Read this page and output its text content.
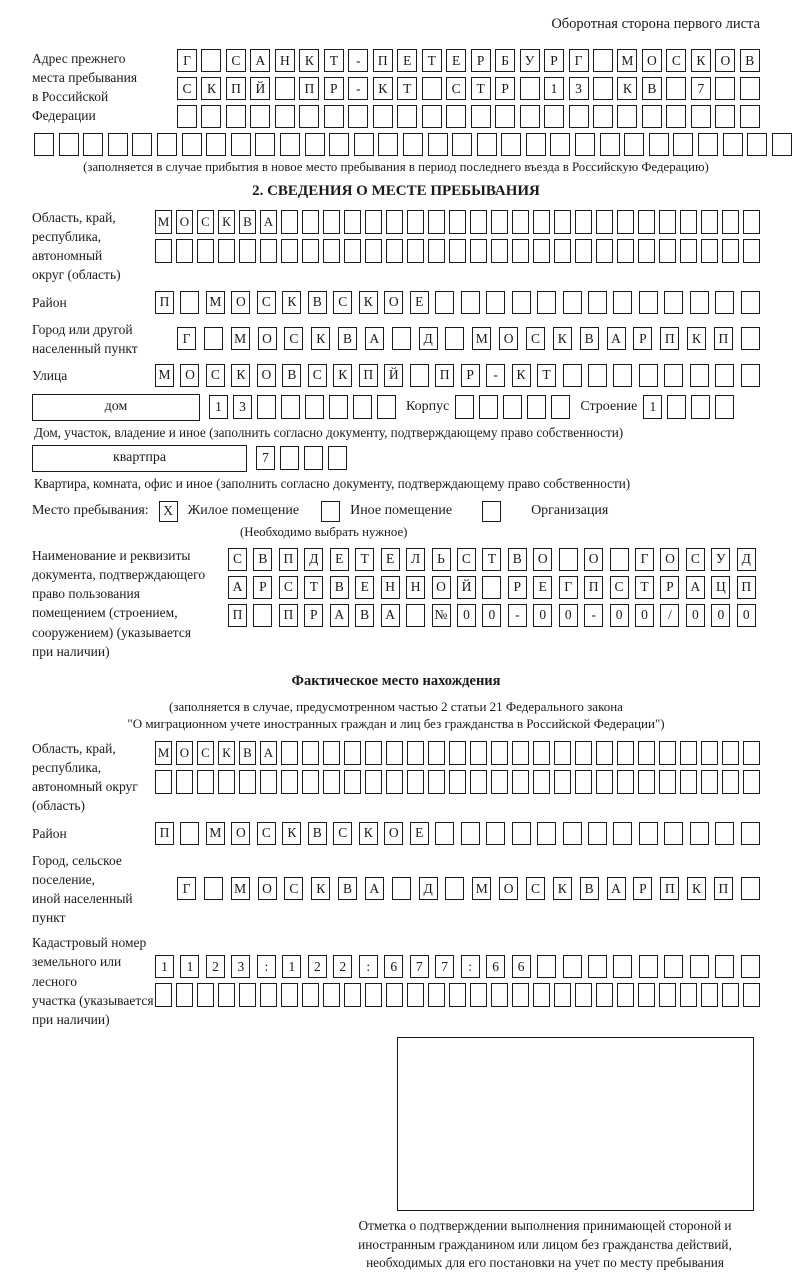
Оборотная сторона первого листа
Адрес прежнего
места пребывания
в Российской
Федерации
Г	С	А	Н	К	Т	-	П	Е	Т	Е	Р	Б	У	Р	Г	М	О	С	К	О	В
С	К	П	Й	П	Р	-	К	Т	С	Т	Р	1	3	К	В	7
(заполняется в случае прибытия в новое место пребывания в период последнего въезда в Российскую Федерацию)
2. СВЕДЕНИЯ О МЕСТЕ ПРЕБЫВАНИЯ
Область, край,
республика,
автономный
округ (область)
М О С К В А
Район	П	М	О	С	К	В	С	К	О	Е
Город или другой
населенный пункт
Г	М	О	С	К	В	А	Д	М	О	С	К	В	А	Р	П	К	П
Улица	М	О	С	К	О	В	С	К	П	Й	П	Р	-	К	Т
дом	1	3	Корпус	Строение 1
Дом, участок, владение и иное (заполнить согласно документу, подтверждающему право собственности)
квартпра	7
Квартира, комната, офис и иное (заполнить согласно документу, подтверждающему право собственности)
Место пребывания:	X	Жилое помещение	Иное помещение	Организация
(Необходимо выбрать нужное)
Наименование и реквизиты
документа, подтверждающего
право пользования
помещением (строением,
сооружением) (указывается
при наличии)
С	В	П	Д	Е	Т	Е	Л	Ь	С	Т	В	О	О	Г	О	С	У	Д
А	Р	С	Т	В	Е	Н	Н	О	Й	Р	Е	Г	П	С	Т	Р	А	Ц	П
П	П	Р	А	В	А	№	0	0	-	0	0	-	0	0	/	0	0	0
Фактическое место нахождения
(заполняется в случае, предусмотренном частью 2 статьи 21 Федерального закона
"О миграционном учете иностранных граждан и лиц без гражданства в Российской Федерации")
Область, край,
республика,
автономный округ
(область)
М О С К В А
Район	П	М	О	С	К	В	С	К	О	Е
Город, сельское поселение,
иной населенный пункт
Г	М	О	С	К	В	А	Д	М	О	С	К	В	А	Р	П	К	П
Кадастровый номер
земельного или лесного
участка (указывается
при наличии)
1	1	2	3	:	1	2	2	:	6	7	7	:	6	6
Отметка о подтверждении выполнения принимающей стороной и иностранным гражданином или лицом без гражданства действий, необходимых для его постановки на учет по месту пребывания
